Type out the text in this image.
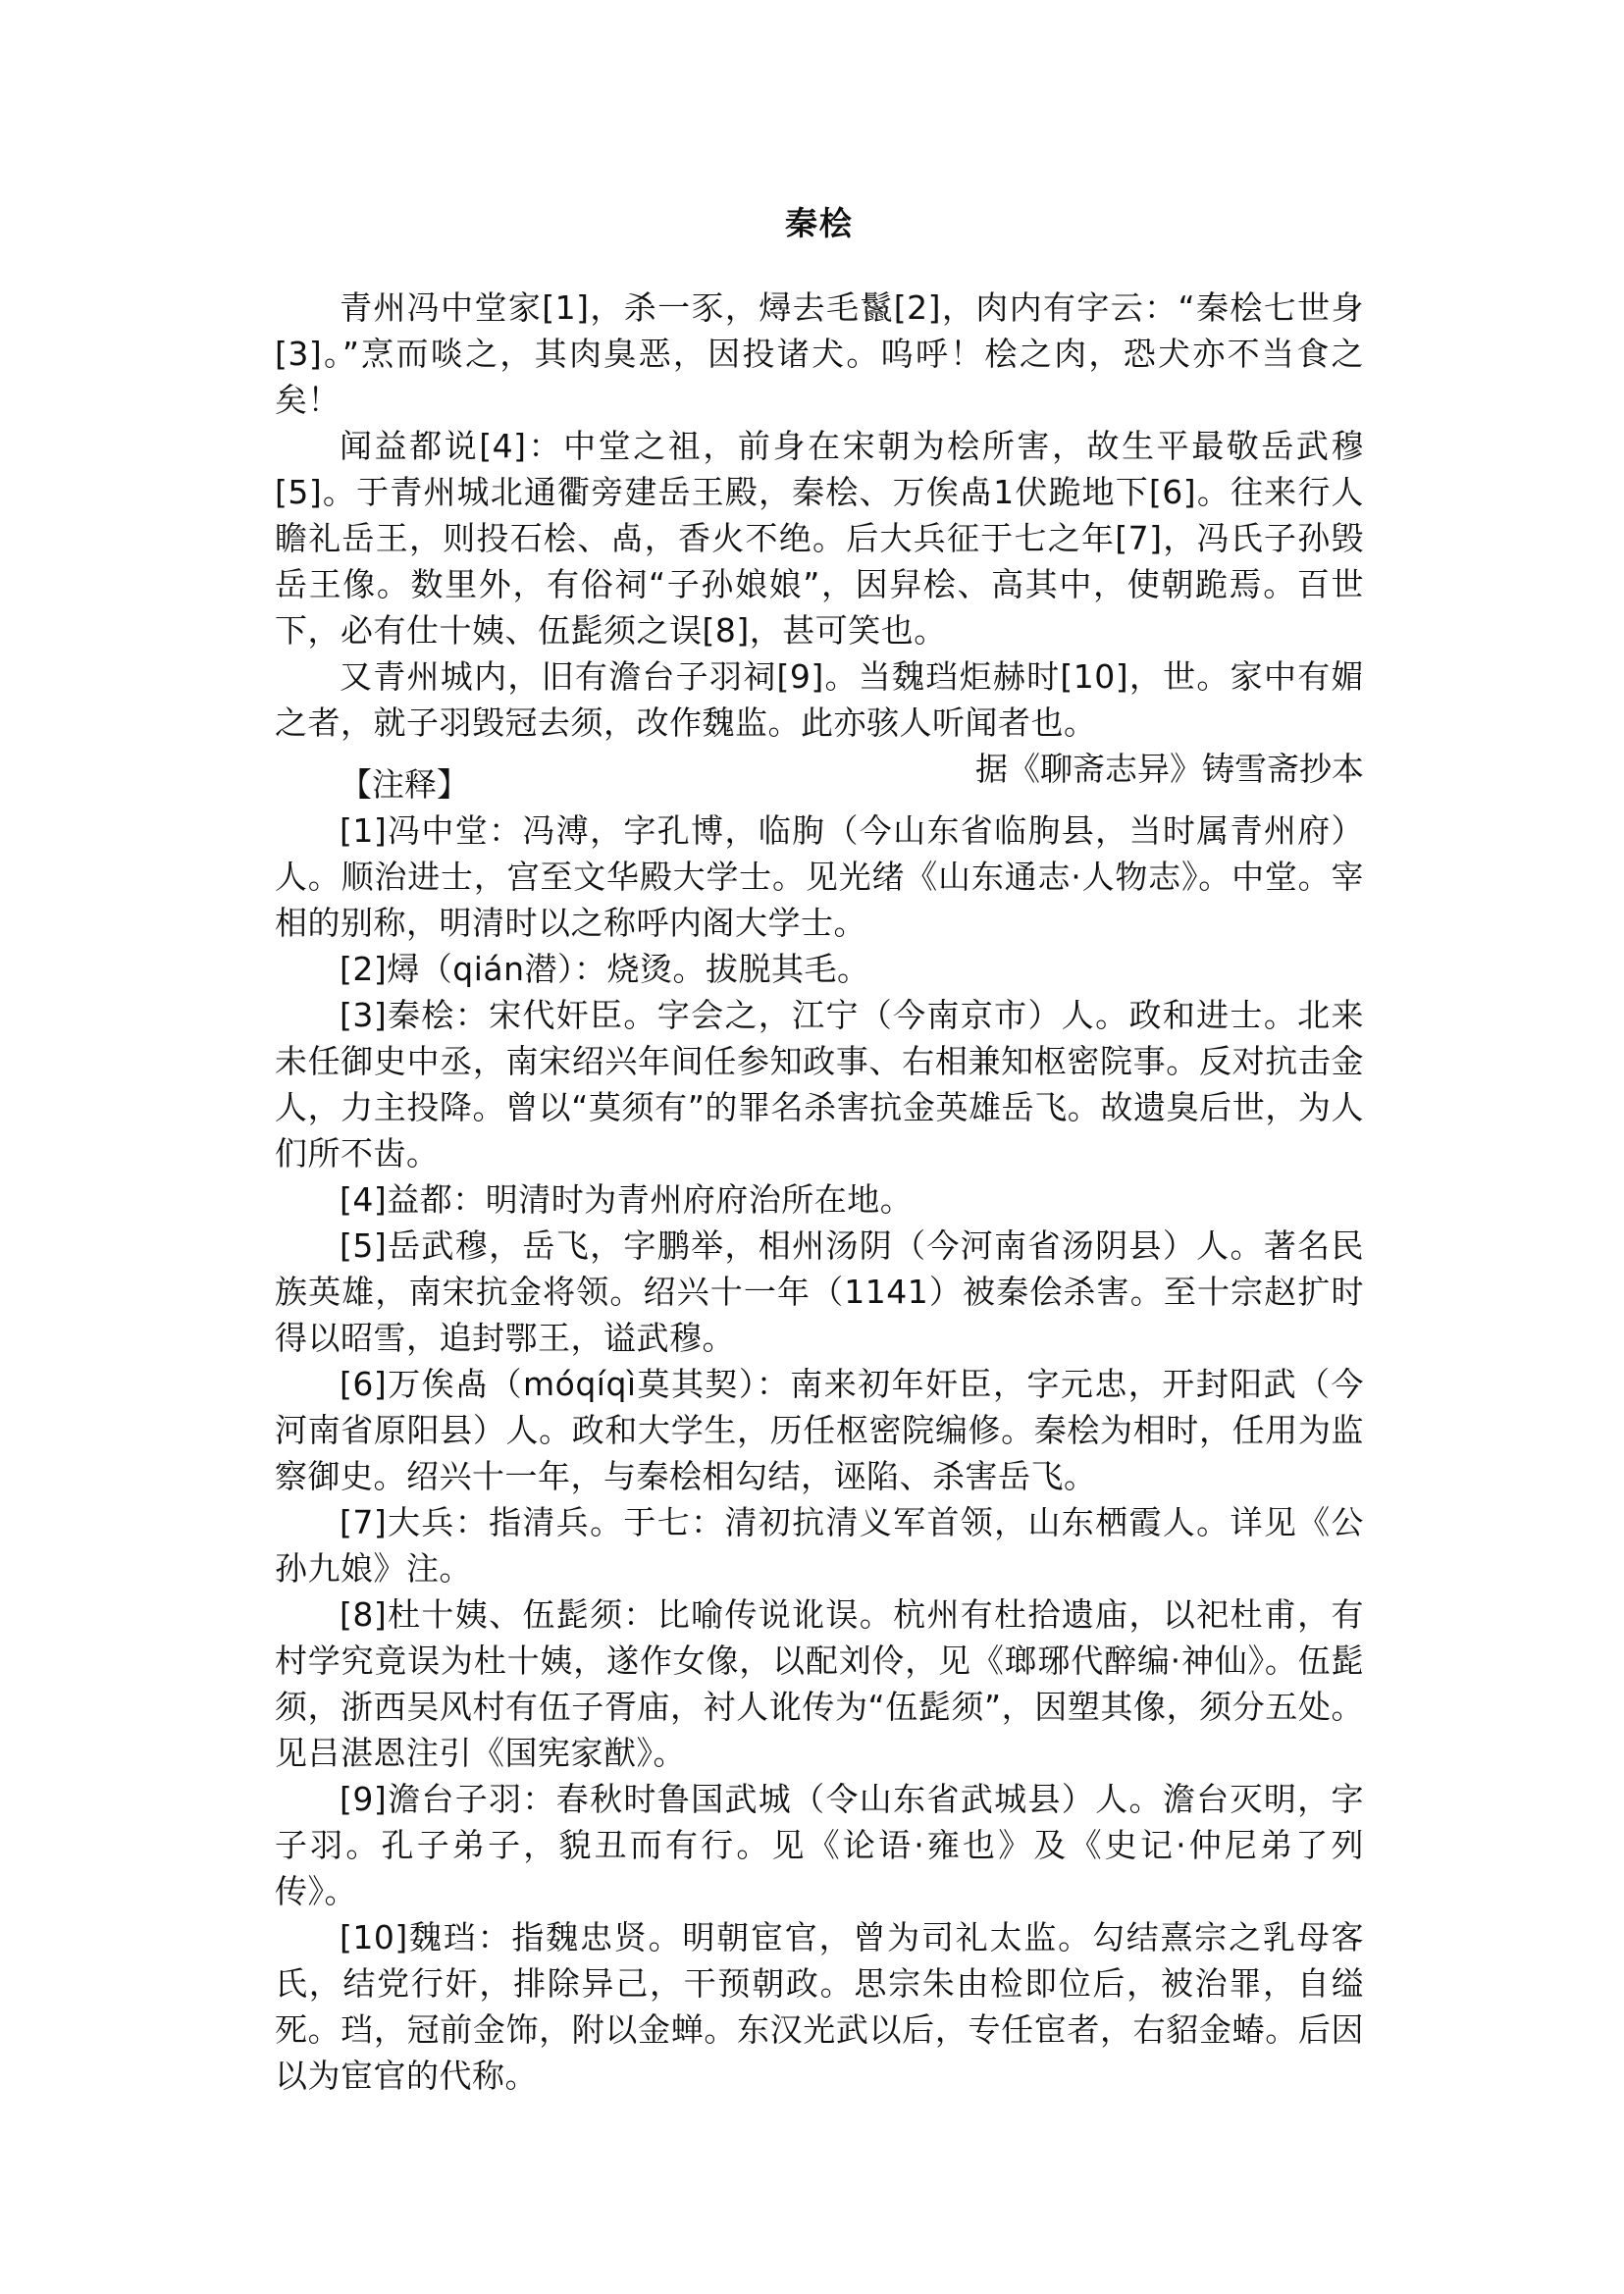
秦桧

青州冯中堂家[1]，杀一豕，燖去毛鬣[2]，肉内有字云：“秦桧七世身[3]。”烹而啖之，其肉臭恶，因投诸犬。呜呼！桧之肉，恐犬亦不当食之矣！

闻益都说[4]：中堂之祖，前身在宋朝为桧所害，故生平最敬岳武穆[5]。于青州城北通衢旁建岳王殿，秦桧、万俟卨1伏跪地下[6]。往来行人瞻礼岳王，则投石桧、卨，香火不绝。后大兵征于七之年[7]，冯氏子孙毁岳王像。数里外，有俗祠“子孙娘娘”，因舁桧、高其中，使朝跪焉。百世下，必有仕十姨、伍髭须之误[8]，甚可笑也。

又青州城内，旧有澹台子羽祠[9]。当魏珰炬赫时[10]，世。家中有媚之者，就子羽毁冠去须，改作魏监。此亦骇人听闻者也。

据《聊斋志异》铸雪斋抄本

【注释】

[1]冯中堂：冯溥，字孔博，临朐（今山东省临朐县，当时属青州府）人。顺治进士，宫至文华殿大学士。见光绪《山东通志·人物志》。中堂。宰相的别称，明清时以之称呼内阁大学士。

[2]燖（qián潜）：烧烫。拔脱其毛。

[3]秦桧：宋代奸臣。字会之，江宁（今南京市）人。政和进士。北来未任御史中丞，南宋绍兴年间任参知政事、右相兼知枢密院事。反对抗击金人，力主投降。曾以“莫须有”的罪名杀害抗金英雄岳飞。故遗臭后世，为人们所不齿。

[4]益都：明清时为青州府府治所在地。

[5]岳武穆，岳飞，字鹏举，相州汤阴（今河南省汤阴县）人。著名民族英雄，南宋抗金将领。绍兴十一年（1141）被秦侩杀害。至十宗赵扩时得以昭雪，追封鄂王，谥武穆。

[6]万俟卨（móqíqì莫其契）：南来初年奸臣，字元忠，开封阳武（今河南省原阳县）人。政和大学生，历任枢密院编修。秦桧为相时，任用为监察御史。绍兴十一年，与秦桧相勾结，诬陷、杀害岳飞。

[7]大兵：指清兵。于七：清初抗清义军首领，山东栖霞人。详见《公孙九娘》注。

[8]杜十姨、伍髭须：比喻传说讹误。杭州有杜拾遗庙，以祀杜甫，有村学究竟误为杜十姨，遂作女像，以配刘伶，见《瑯琊代醉编·神仙》。伍髭须，浙西吴风村有伍子胥庙，衬人讹传为“伍髭须”，因塑其像，须分五处。见吕湛恩注引《国宪家猷》。

[9]澹台子羽：春秋时鲁国武城（令山东省武城县）人。澹台灭明，字子羽。孔子弟子，貌丑而有行。见《论语·雍也》及《史记·仲尼弟了列传》。

[10]魏珰：指魏忠贤。明朝宦官，曾为司礼太监。勾结熹宗之乳母客氏，结党行奸，排除异己，干预朝政。思宗朱由检即位后，被治罪，自缢死。珰，冠前金饰，附以金蝉。东汉光武以后，专任宦者，右貂金蝽。后因以为宦官的代称。
